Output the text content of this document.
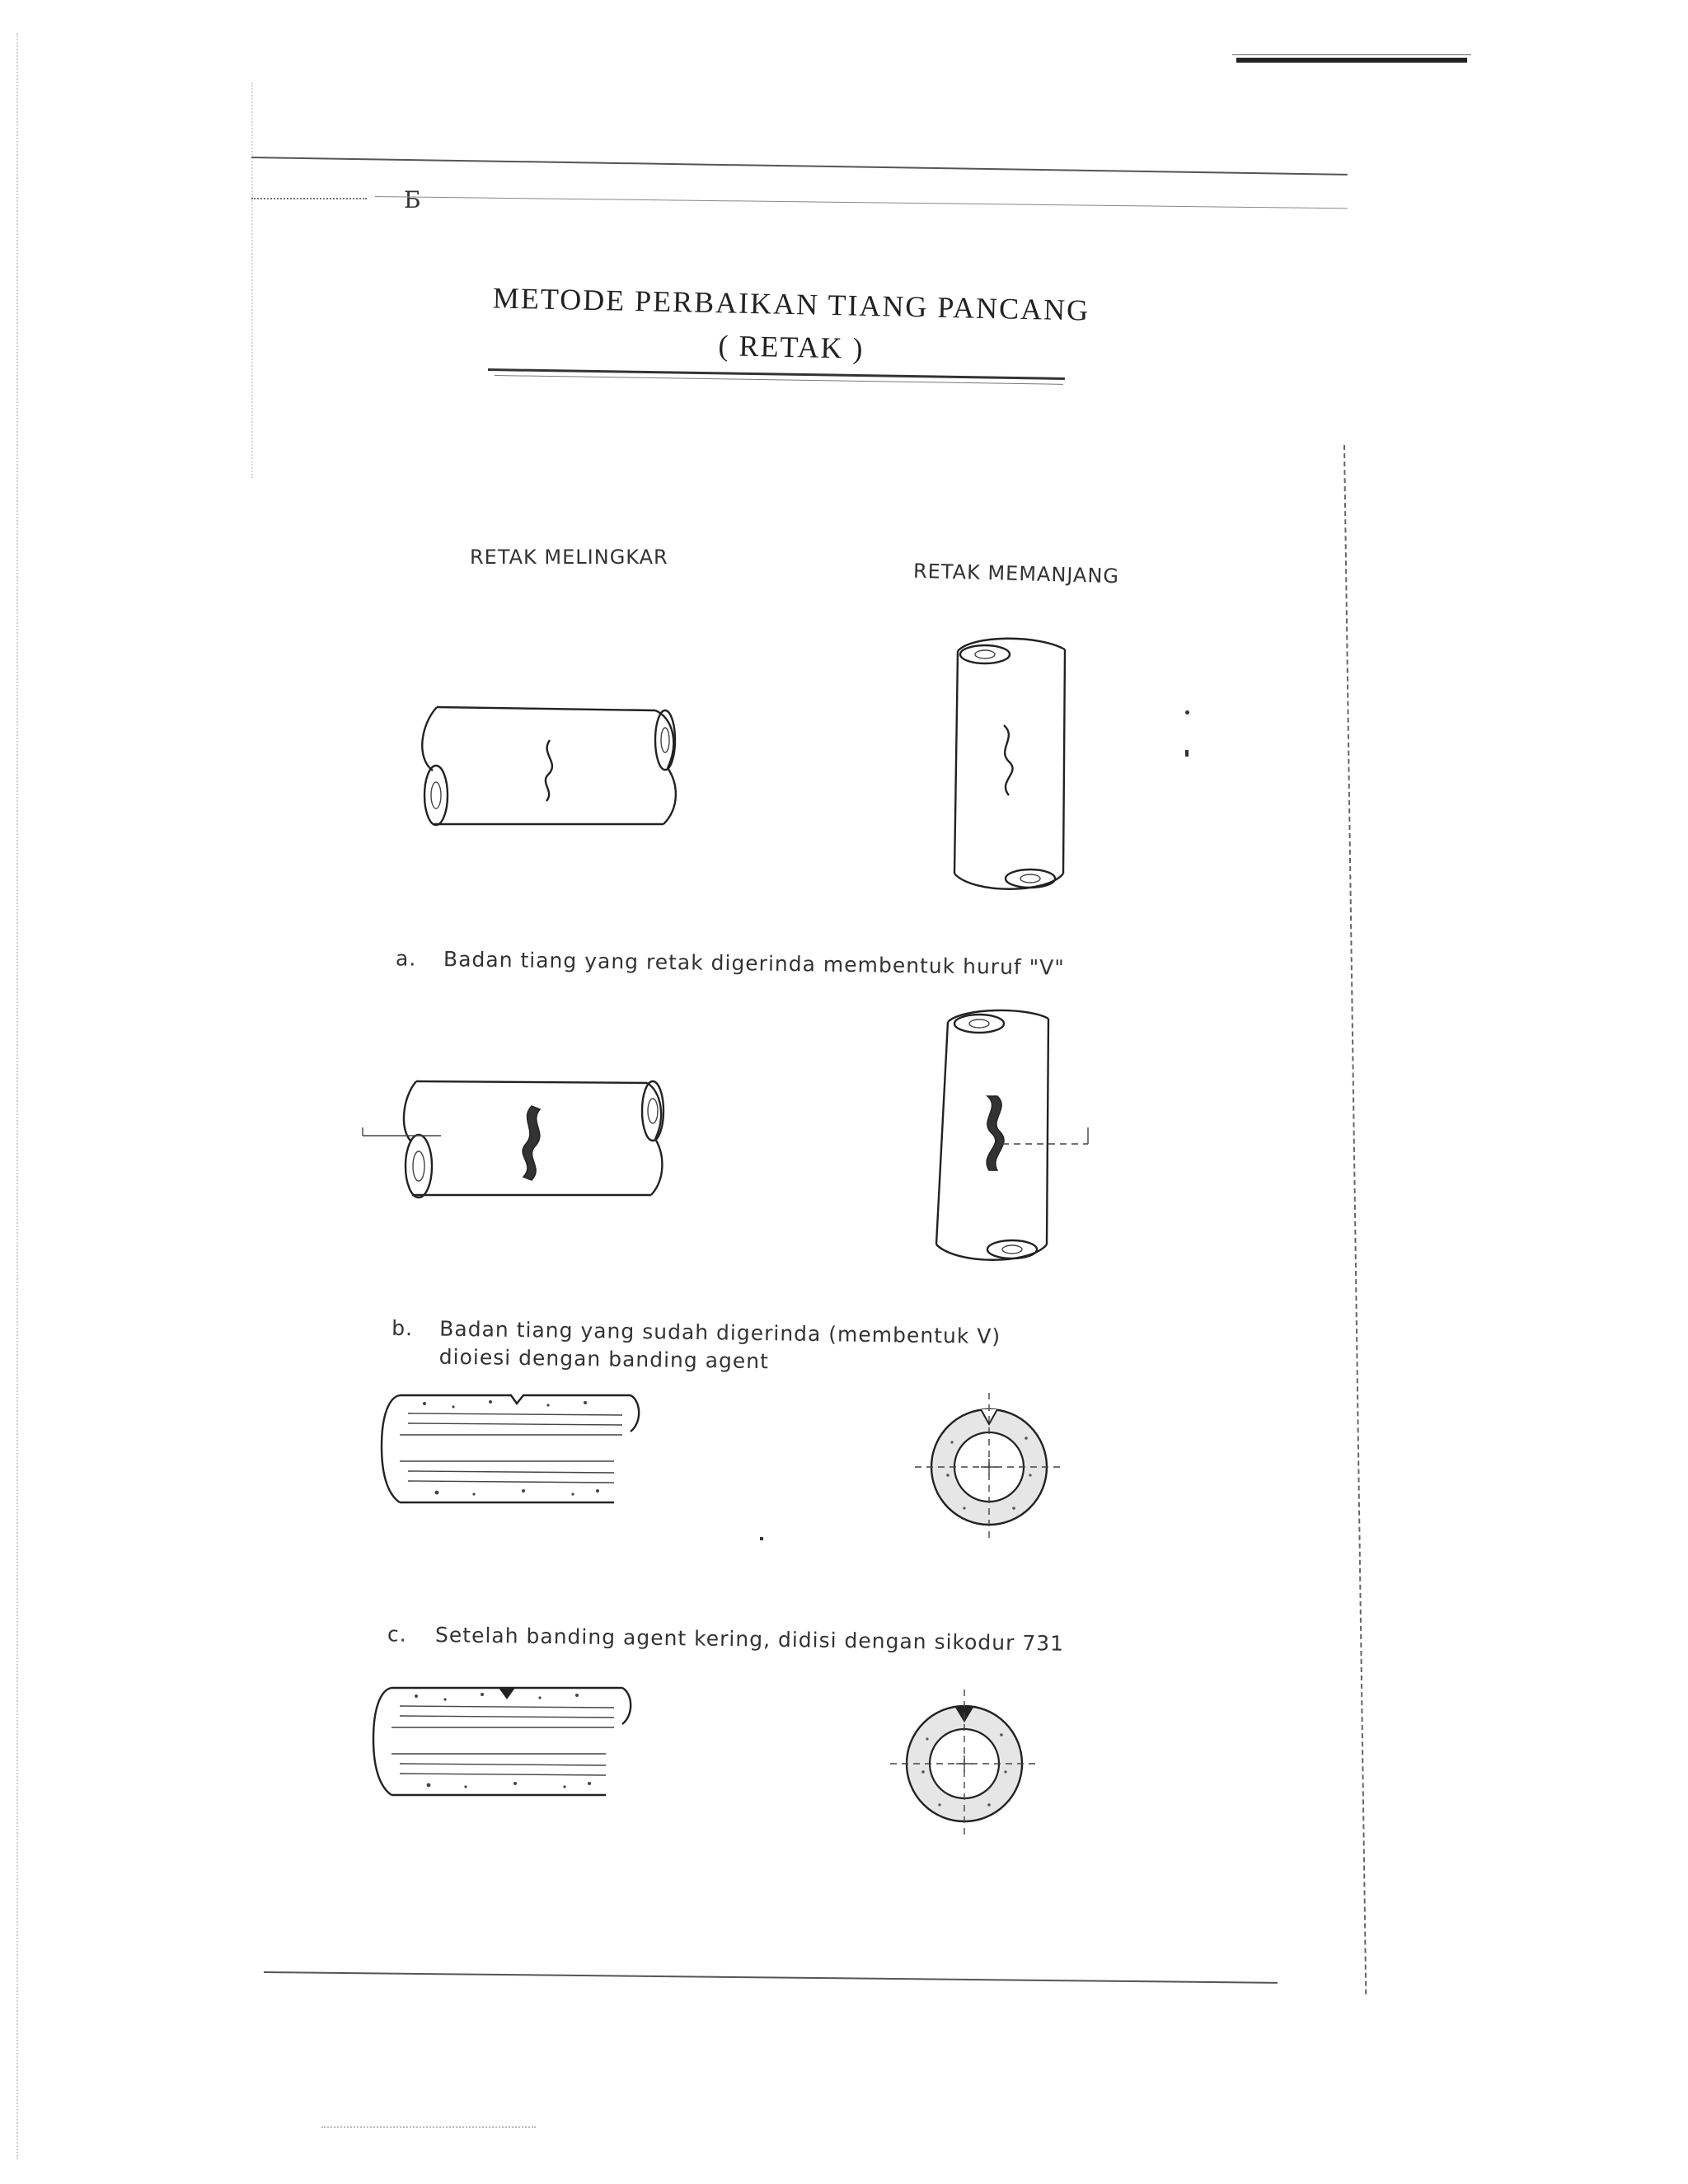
Б
METODE PERBAIKAN TIANG PANCANG
( RETAK )
RETAK MELINGKAR
RETAK MEMANJANG
a. Badan tiang yang retak digerinda membentuk huruf "V"
b. Badan tiang yang sudah digerinda (membentuk V)
dioiesi dengan banding agent
c. Setelah banding agent kering, didisi dengan sikodur 731
